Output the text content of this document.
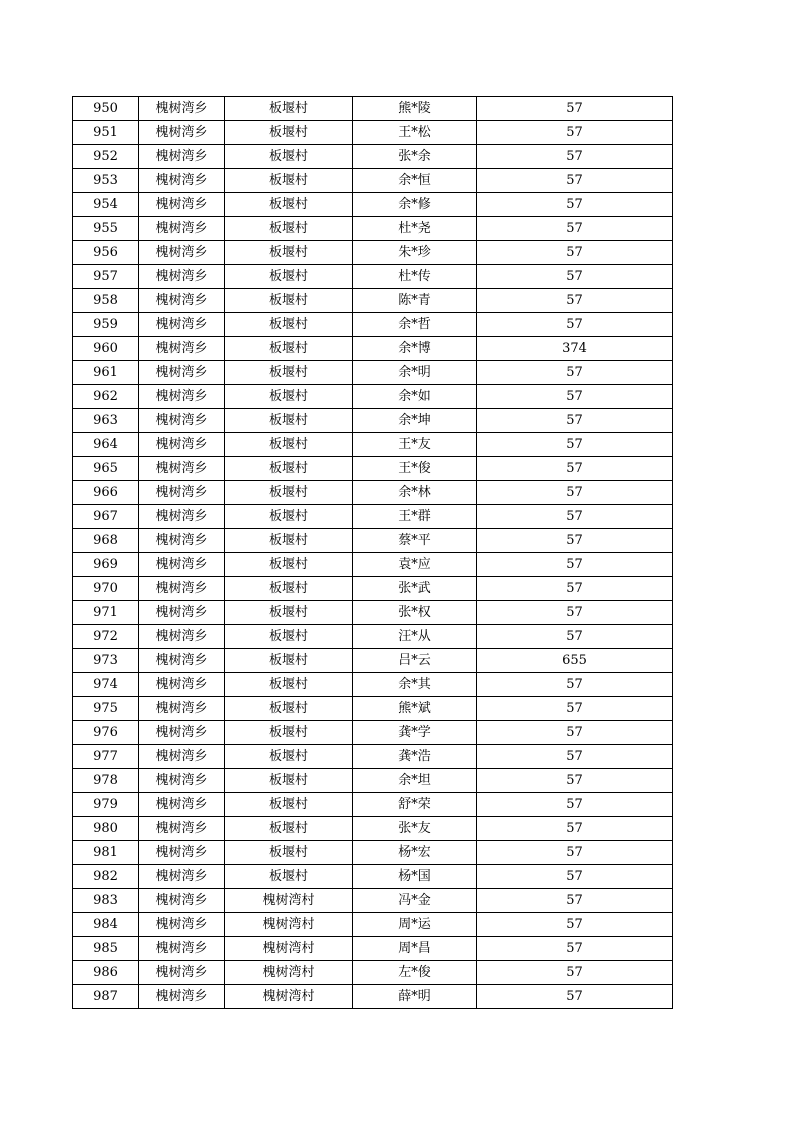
950	槐树湾乡	板堰村	熊*陵	57
951	槐树湾乡	板堰村	王*松	57
952	槐树湾乡	板堰村	张*余	57
953	槐树湾乡	板堰村	余*恒	57
954	槐树湾乡	板堰村	余*修	57
955	槐树湾乡	板堰村	杜*尧	57
956	槐树湾乡	板堰村	朱*珍	57
957	槐树湾乡	板堰村	杜*传	57
958	槐树湾乡	板堰村	陈*青	57
959	槐树湾乡	板堰村	余*哲	57
960	槐树湾乡	板堰村	余*博	374
961	槐树湾乡	板堰村	余*明	57
962	槐树湾乡	板堰村	余*如	57
963	槐树湾乡	板堰村	余*坤	57
964	槐树湾乡	板堰村	王*友	57
965	槐树湾乡	板堰村	王*俊	57
966	槐树湾乡	板堰村	余*林	57
967	槐树湾乡	板堰村	王*群	57
968	槐树湾乡	板堰村	蔡*平	57
969	槐树湾乡	板堰村	袁*应	57
970	槐树湾乡	板堰村	张*武	57
971	槐树湾乡	板堰村	张*权	57
972	槐树湾乡	板堰村	汪*从	57
973	槐树湾乡	板堰村	吕*云	655
974	槐树湾乡	板堰村	余*其	57
975	槐树湾乡	板堰村	熊*斌	57
976	槐树湾乡	板堰村	龚*学	57
977	槐树湾乡	板堰村	龚*浩	57
978	槐树湾乡	板堰村	余*坦	57
979	槐树湾乡	板堰村	舒*荣	57
980	槐树湾乡	板堰村	张*友	57
981	槐树湾乡	板堰村	杨*宏	57
982	槐树湾乡	板堰村	杨*国	57
983	槐树湾乡	槐树湾村	冯*金	57
984	槐树湾乡	槐树湾村	周*运	57
985	槐树湾乡	槐树湾村	周*昌	57
986	槐树湾乡	槐树湾村	左*俊	57
987	槐树湾乡	槐树湾村	薛*明	57
